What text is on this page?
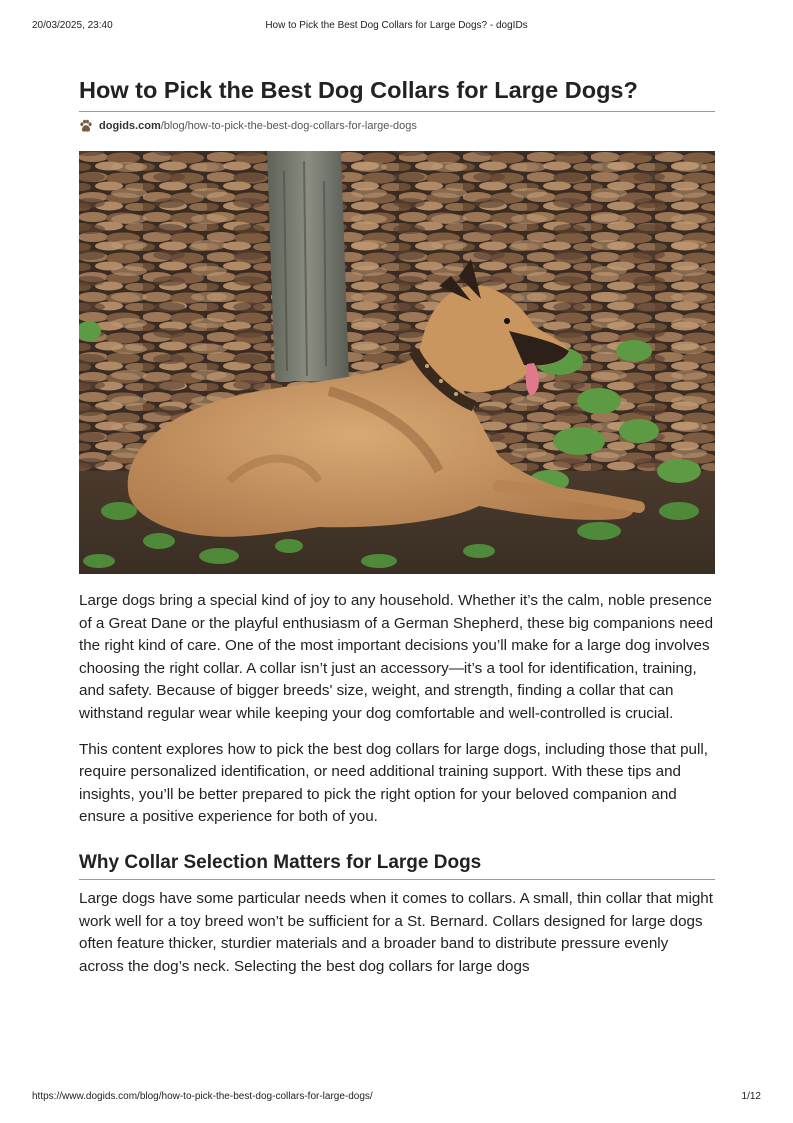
20/03/2025, 23:40	How to Pick the Best Dog Collars for Large Dogs? - dogIDs
How to Pick the Best Dog Collars for Large Dogs?
dogids.com /blog/how-to-pick-the-best-dog-collars-for-large-dogs

Large dogs bring a special kind of joy to any household. Whether it’s the calm, noble presence of a Great Dane or the playful enthusiasm of a German Shepherd, these big companions need the right kind of care. One of the most important decisions you’ll make for a large dog involves choosing the right collar. A collar isn’t just an accessory—it’s a tool for identification, training, and safety. Because of bigger breeds' size, weight, and strength, finding a collar that can withstand regular wear while keeping your dog comfortable and well-controlled is crucial.

This content explores how to pick the best dog collars for large dogs, including those that pull, require personalized identification, or need additional training support. With these tips and insights, you’ll be better prepared to pick the right option for your beloved companion and ensure a positive experience for both of you.

Why Collar Selection Matters for Large Dogs

Large dogs have some particular needs when it comes to collars. A small, thin collar that might work well for a toy breed won’t be sufficient for a St. Bernard. Collars designed for large dogs often feature thicker, sturdier materials and a broader band to distribute pressure evenly across the dog’s neck. Selecting the best dog collars for large dogs

https://www.dogids.com/blog/how-to-pick-the-best-dog-collars-for-large-dogs/	1/12
